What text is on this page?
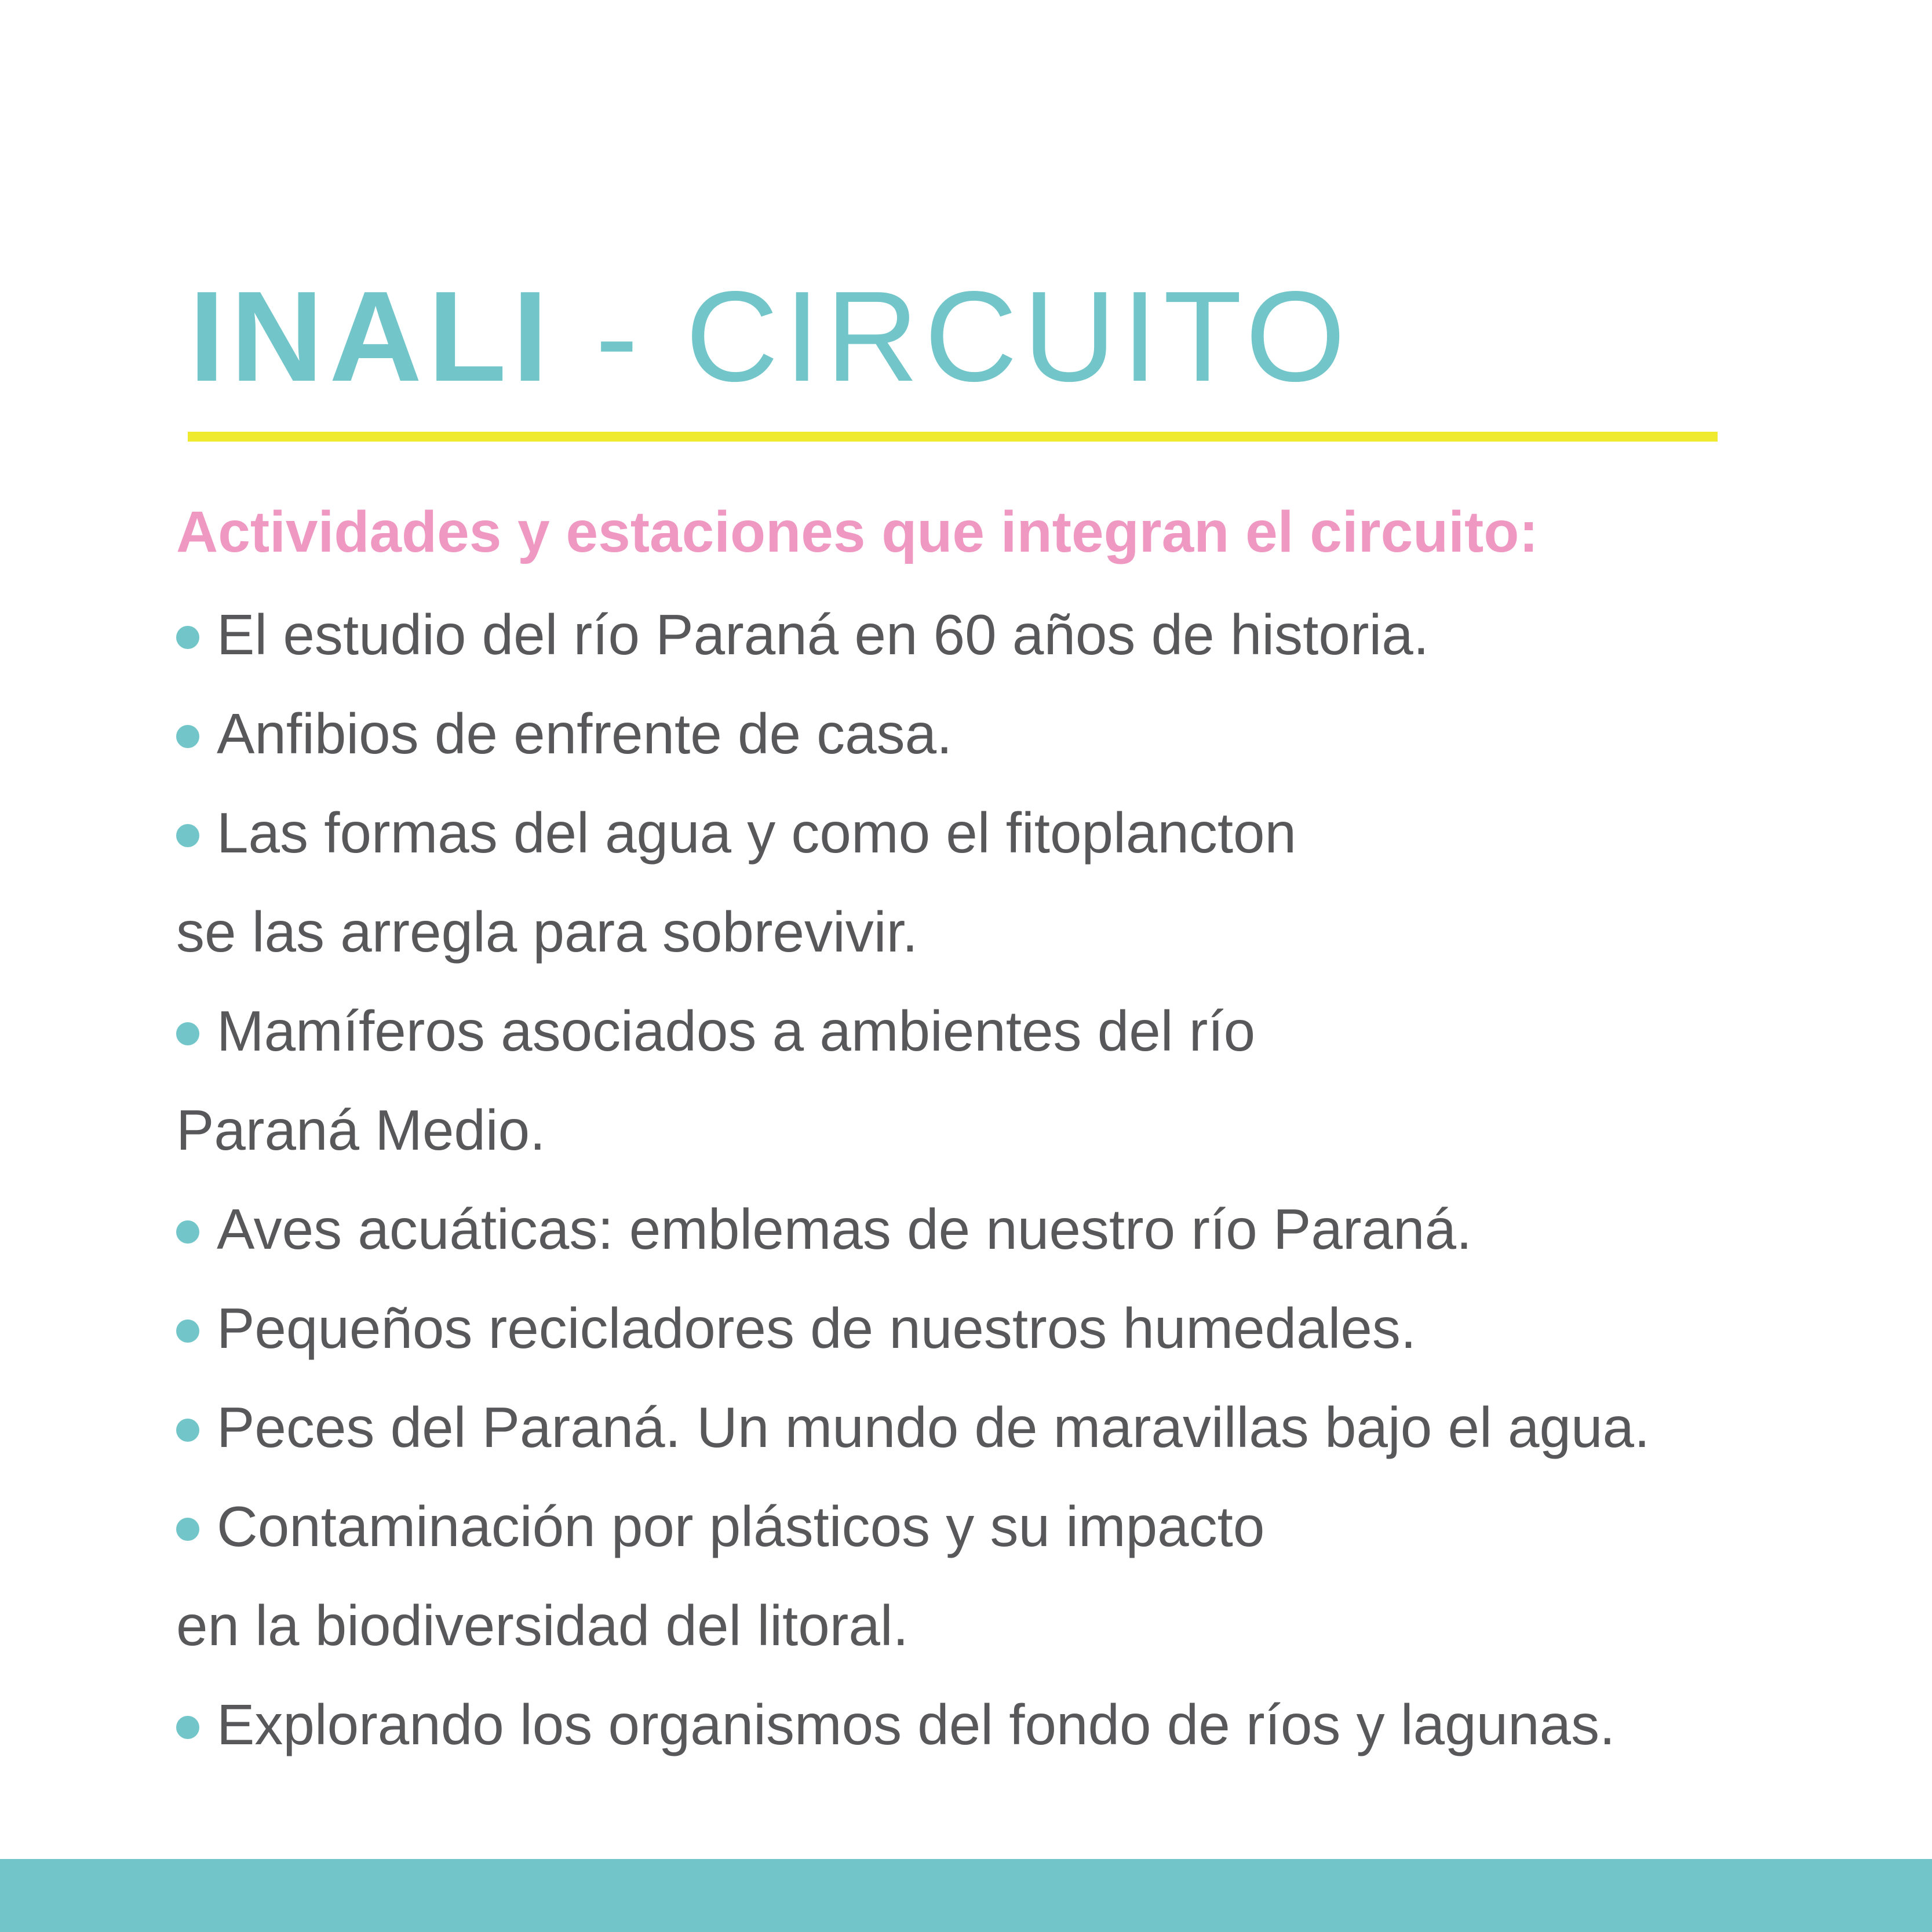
INALI - CIRCUITO
Actividades y estaciones que integran el circuito:
El estudio del río Paraná en 60 años de historia.
Anfibios de enfrente de casa.
Las formas del agua y como el fitoplancton
se las arregla para sobrevivir.
Mamíferos asociados a ambientes del río
Paraná Medio.
Aves acuáticas: emblemas de nuestro río Paraná.
Pequeños recicladores de nuestros humedales.
Peces del Paraná. Un mundo de maravillas bajo el agua.
Contaminación por plásticos y su impacto
en la biodiversidad del litoral.
Explorando los organismos del fondo de ríos y lagunas.
